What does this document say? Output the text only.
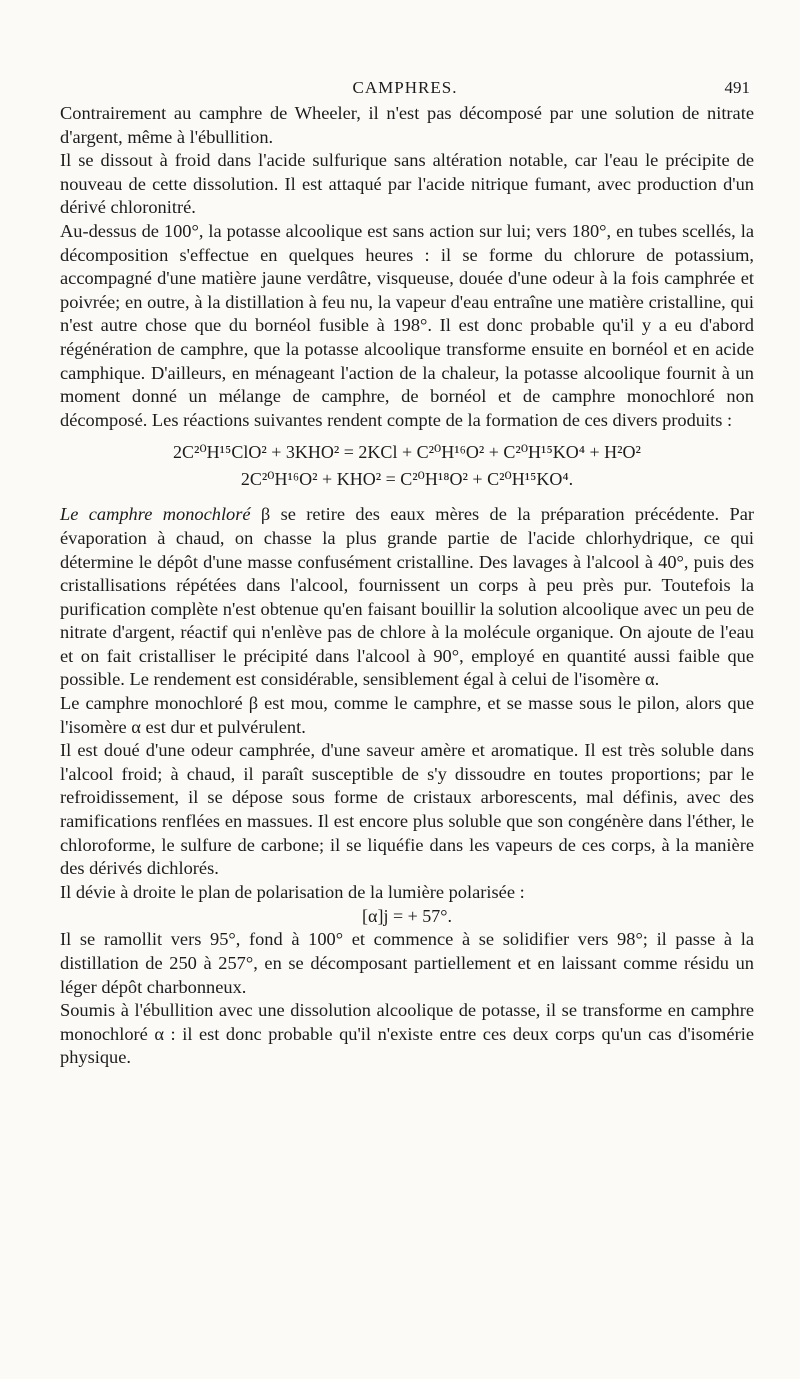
CAMPHRES.	491

Contrairement au camphre de Wheeler, il n'est pas décomposé par une solution de nitrate d'argent, même à l'ébullition.

Il se dissout à froid dans l'acide sulfurique sans altération notable, car l'eau le précipite de nouveau de cette dissolution. Il est attaqué par l'acide nitrique fumant, avec production d'un dérivé chloronitré.

Au-dessus de 100°, la potasse alcoolique est sans action sur lui; vers 180°, en tubes scellés, la décomposition s'effectue en quelques heures : il se forme du chlorure de potassium, accompagné d'une matière jaune verdâtre, visqueuse, douée d'une odeur à la fois camphrée et poivrée; en outre, à la distillation à feu nu, la vapeur d'eau entraîne une matière cristalline, qui n'est autre chose que du bornéol fusible à 198°. Il est donc probable qu'il y a eu d'abord régénération de camphre, que la potasse alcoolique transforme ensuite en bornéol et en acide camphique. D'ailleurs, en ménageant l'action de la chaleur, la potasse alcoolique fournit à un moment donné un mélange de camphre, de bornéol et de camphre monochloré non décomposé. Les réactions suivantes rendent compte de la formation de ces divers produits :

2C²⁰H¹⁵ClO² + 3KHO² = 2KCl + C²⁰H¹⁶O² + C²⁰H¹⁵KO⁴ + H²O²

2C²⁰H¹⁶O² + KHO² = C²⁰H¹⁸O² + C²⁰H¹⁵KO⁴.

Le camphre monochloré β se retire des eaux mères de la préparation précédente. Par évaporation à chaud, on chasse la plus grande partie de l'acide chlorhydrique, ce qui détermine le dépôt d'une masse confusément cristalline. Des lavages à l'alcool à 40°, puis des cristallisations répétées dans l'alcool, fournissent un corps à peu près pur. Toutefois la purification complète n'est obtenue qu'en faisant bouillir la solution alcoolique avec un peu de nitrate d'argent, réactif qui n'enlève pas de chlore à la molécule organique. On ajoute de l'eau et on fait cristalliser le précipité dans l'alcool à 90°, employé en quantité aussi faible que possible. Le rendement est considérable, sensiblement égal à celui de l'isomère α.

Le camphre monochloré β est mou, comme le camphre, et se masse sous le pilon, alors que l'isomère α est dur et pulvérulent.

Il est doué d'une odeur camphrée, d'une saveur amère et aromatique. Il est très soluble dans l'alcool froid; à chaud, il paraît susceptible de s'y dissoudre en toutes proportions; par le refroidissement, il se dépose sous forme de cristaux arborescents, mal définis, avec des ramifications renflées en massues. Il est encore plus soluble que son congénère dans l'éther, le chloroforme, le sulfure de carbone; il se liquéfie dans les vapeurs de ces corps, à la manière des dérivés dichlorés.

Il dévie à droite le plan de polarisation de la lumière polarisée :

[α]j = + 57°.

Il se ramollit vers 95°, fond à 100° et commence à se solidifier vers 98°; il passe à la distillation de 250 à 257°, en se décomposant partiellement et en laissant comme résidu un léger dépôt charbonneux.

Soumis à l'ébullition avec une dissolution alcoolique de potasse, il se transforme en camphre monochloré α : il est donc probable qu'il n'existe entre ces deux corps qu'un cas d'isomérie physique.
